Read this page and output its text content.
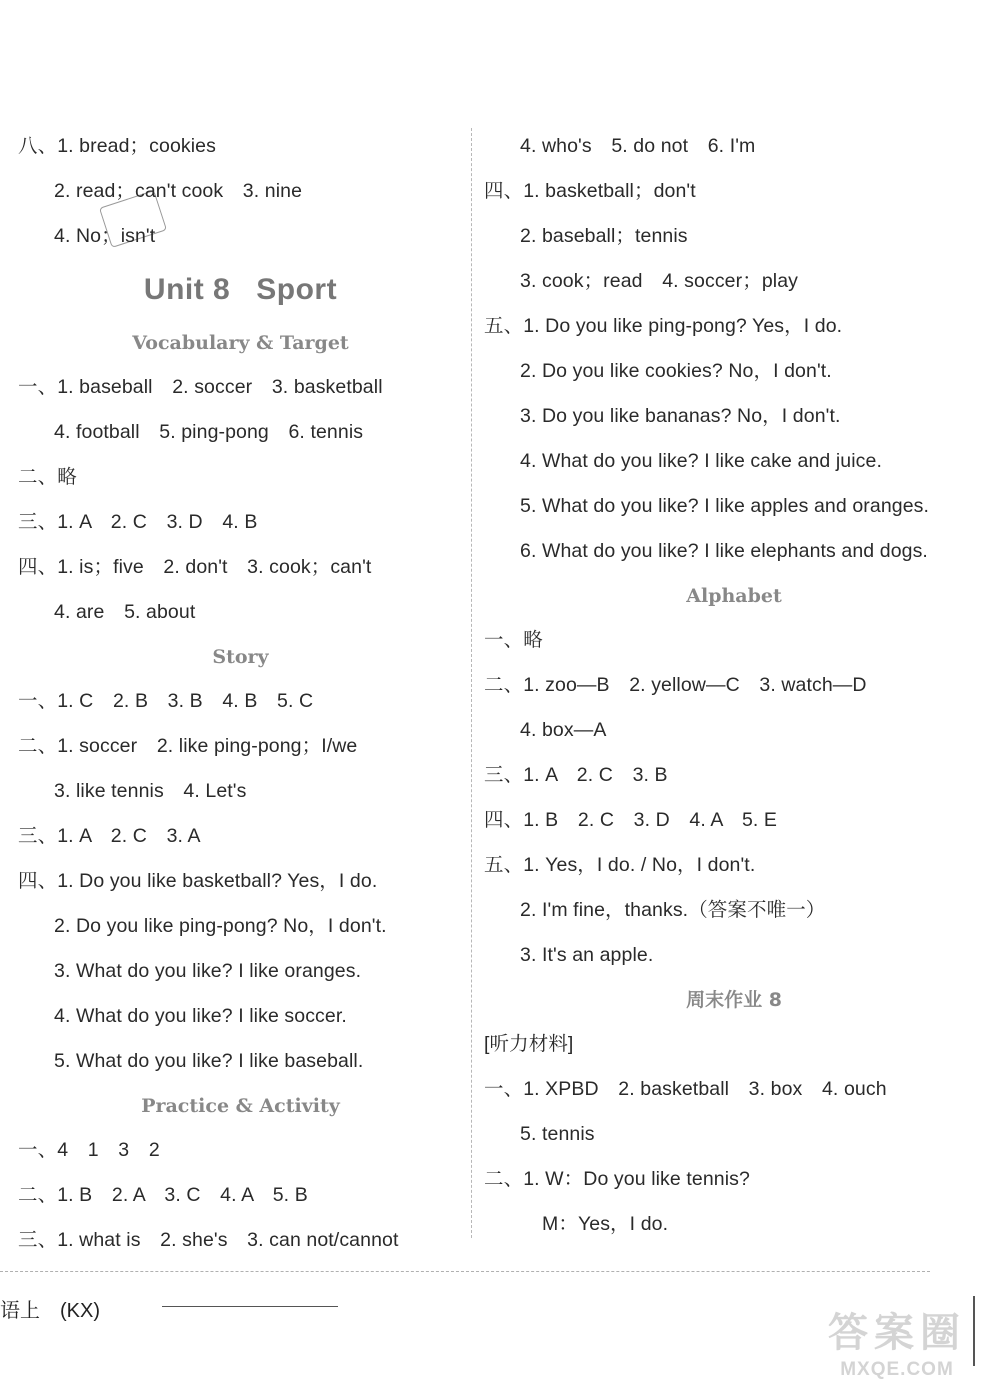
八、1. bread；cookies
2. read；can't cook　3. nine
4. No；isn't
Unit 8 Sport
Vocabulary & Target
一、1. baseball　2. soccer　3. basketball
4. football　5. ping-pong　6. tennis
二、略
三、1. A　2. C　3. D　4. B
四、1. is；five　2. don't　3. cook；can't
4. are　5. about
Story
一、1. C　2. B　3. B　4. B　5. C
二、1. soccer　2. like ping-pong；I/we
3. like tennis　4. Let's
三、1. A　2. C　3. A
四、1. Do you like basketball? Yes，I do.
2. Do you like ping-pong? No，I don't.
3. What do you like? I like oranges.
4. What do you like? I like soccer.
5. What do you like? I like baseball.
Practice & Activity
一、4　1　3　2
二、1. B　2. A　3. C　4. A　5. B
三、1. what is　2. she's　3. can not/cannot
4. who's　5. do not　6. I'm
四、1. basketball；don't
2. baseball；tennis
3. cook；read　4. soccer；play
五、1. Do you like ping-pong? Yes，I do.
2. Do you like cookies? No，I don't.
3. Do you like bananas? No，I don't.
4. What do you like? I like cake and juice.
5. What do you like? I like apples and oranges.
6. What do you like? I like elephants and dogs.
Alphabet
一、略
二、1. zoo—B　2. yellow—C　3. watch—D
4. box—A
三、1. A　2. C　3. B
四、1. B　2. C　3. D　4. A　5. E
五、1. Yes，I do. / No，I don't.
2. I'm fine，thanks.（答案不唯一）
3. It's an apple.
周末作业 8
[听力材料]
一、1. XPBD　2. basketball　3. box　4. ouch
5. tennis
二、1. W：Do you like tennis?
M：Yes，I do.
语上　(KX)	答案圈
MXQE.COM
